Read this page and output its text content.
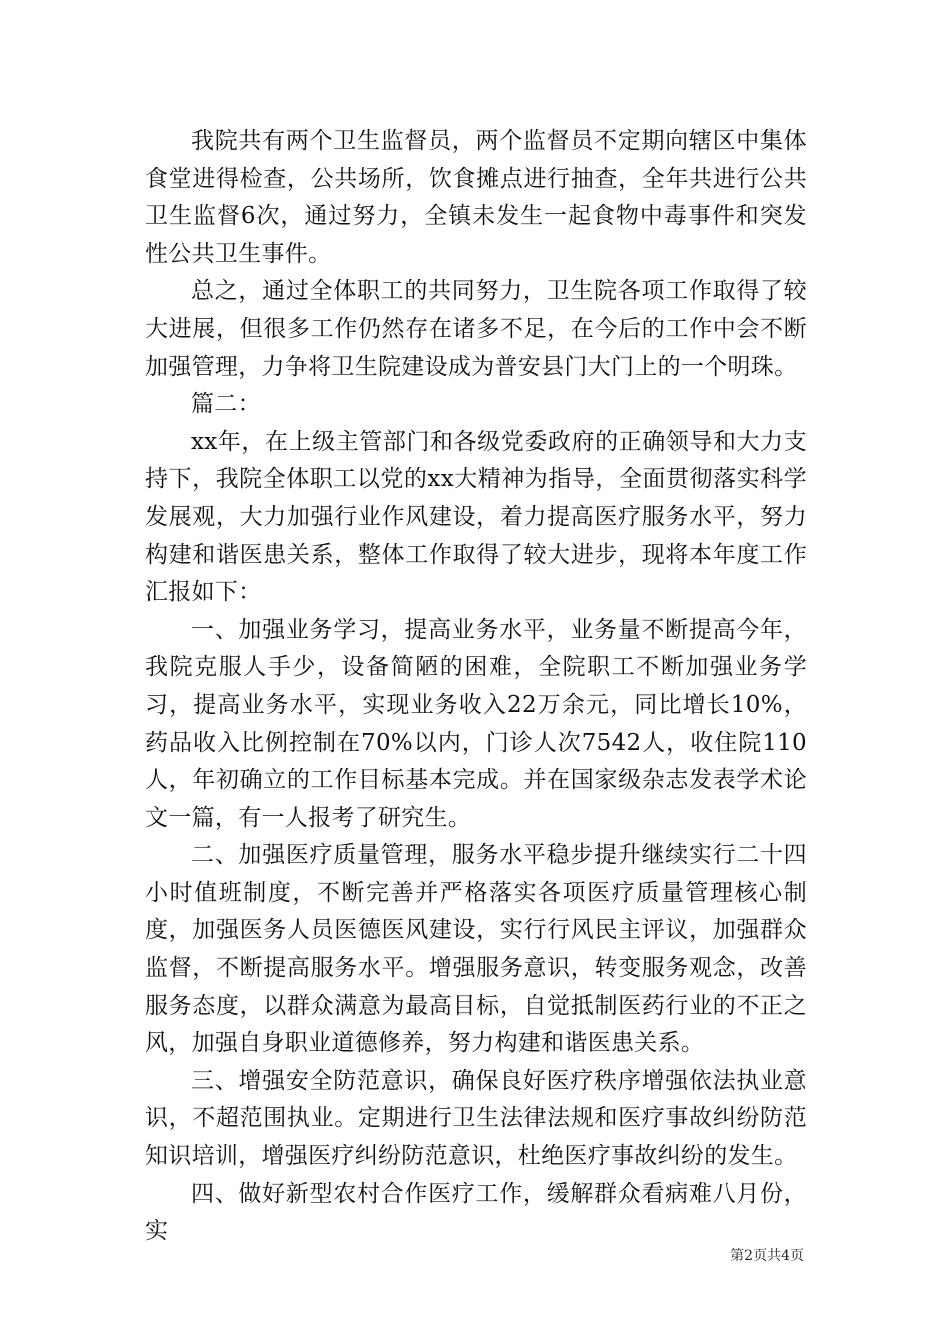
我院共有两个卫生监督员，两个监督员不定期向辖区中集体食堂进得检查，公共场所，饮食摊点进行抽查，全年共进行公共卫生监督6次，通过努力，全镇未发生一起食物中毒事件和突发性公共卫生事件。

总之，通过全体职工的共同努力，卫生院各项工作取得了较大进展，但很多工作仍然存在诸多不足，在今后的工作中会不断加强管理，力争将卫生院建设成为普安县门大门上的一个明珠。

篇二：

xx年，在上级主管部门和各级党委政府的正确领导和大力支持下，我院全体职工以党的xx大精神为指导，全面贯彻落实科学发展观，大力加强行业作风建设，着力提高医疗服务水平，努力构建和谐医患关系，整体工作取得了较大进步，现将本年度工作汇报如下：

一、加强业务学习，提高业务水平，业务量不断提高今年，我院克服人手少，设备简陋的困难，全院职工不断加强业务学习，提高业务水平，实现业务收入22万余元，同比增长10%，药品收入比例控制在70%以内，门诊人次7542人，收住院110人，年初确立的工作目标基本完成。并在国家级杂志发表学术论文一篇，有一人报考了研究生。

二、加强医疗质量管理，服务水平稳步提升继续实行二十四小时值班制度，不断完善并严格落实各项医疗质量管理核心制度，加强医务人员医德医风建设，实行行风民主评议，加强群众监督，不断提高服务水平。增强服务意识，转变服务观念，改善服务态度，以群众满意为最高目标，自觉抵制医药行业的不正之风，加强自身职业道德修养，努力构建和谐医患关系。

三、增强安全防范意识，确保良好医疗秩序增强依法执业意识，不超范围执业。定期进行卫生法律法规和医疗事故纠纷防范知识培训，增强医疗纠纷防范意识，杜绝医疗事故纠纷的发生。

四、做好新型农村合作医疗工作，缓解群众看病难八月份，实

第2页共4页
